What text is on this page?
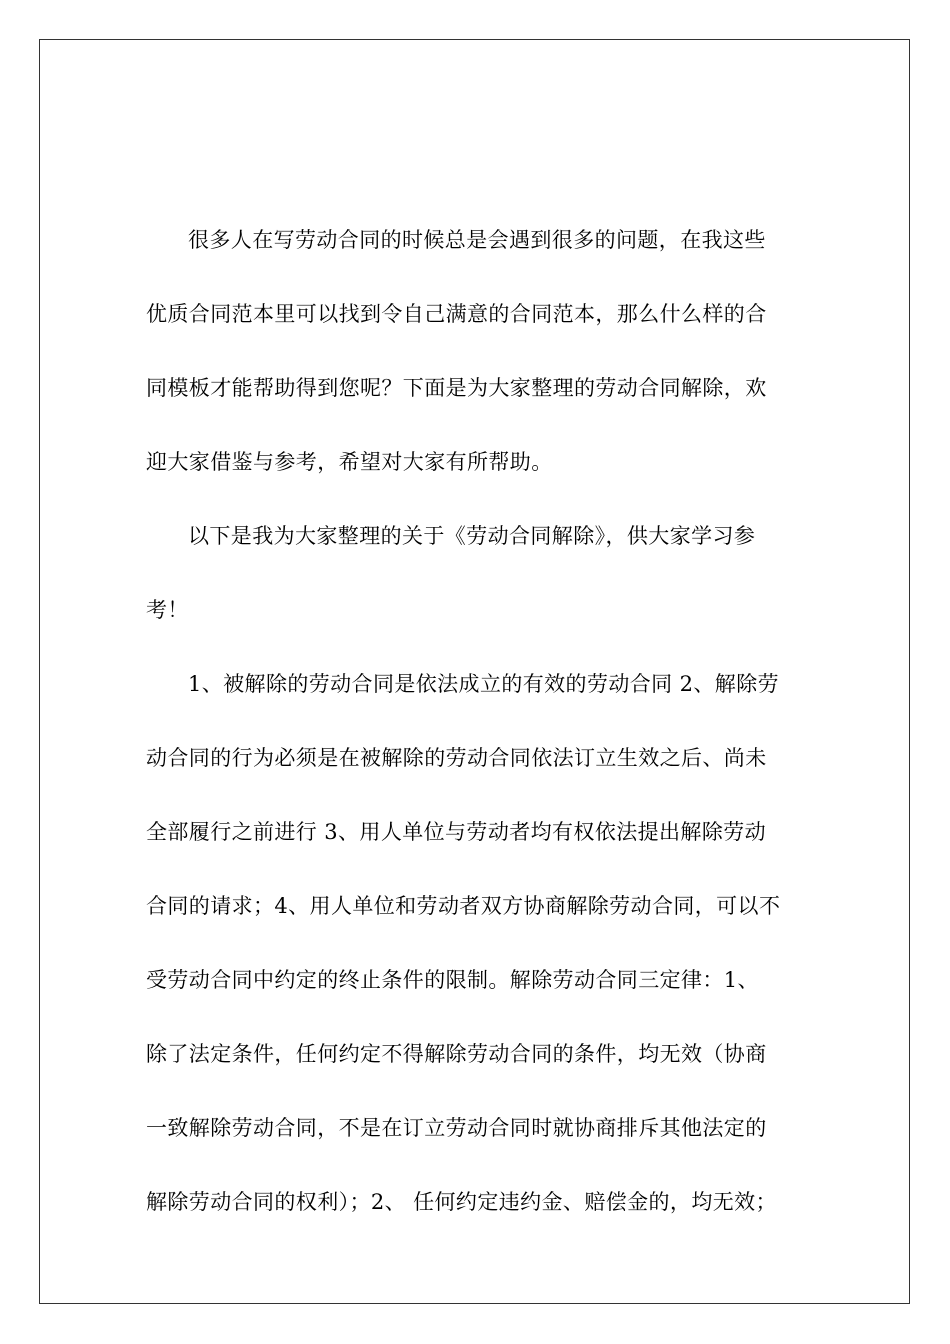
很多人在写劳动合同的时候总是会遇到很多的问题，在我这些
优质合同范本里可以找到令自己满意的合同范本，那么什么样的合
同模板才能帮助得到您呢？下面是为大家整理的劳动合同解除，欢
迎大家借鉴与参考，希望对大家有所帮助。
以下是我为大家整理的关于《劳动合同解除》，供大家学习参
考！
1、被解除的劳动合同是依法成立的有效的劳动合同 2、解除劳
动合同的行为必须是在被解除的劳动合同依法订立生效之后、尚未
全部履行之前进行 3、用人单位与劳动者均有权依法提出解除劳动
合同的请求；4、用人单位和劳动者双方协商解除劳动合同，可以不
受劳动合同中约定的终止条件的限制。解除劳动合同三定律：1、
除了法定条件，任何约定不得解除劳动合同的条件，均无效（协商
一致解除劳动合同，不是在订立劳动合同时就协商排斥其他法定的
解除劳动合同的权利）；2、 任何约定违约金、赔偿金的，均无效；
